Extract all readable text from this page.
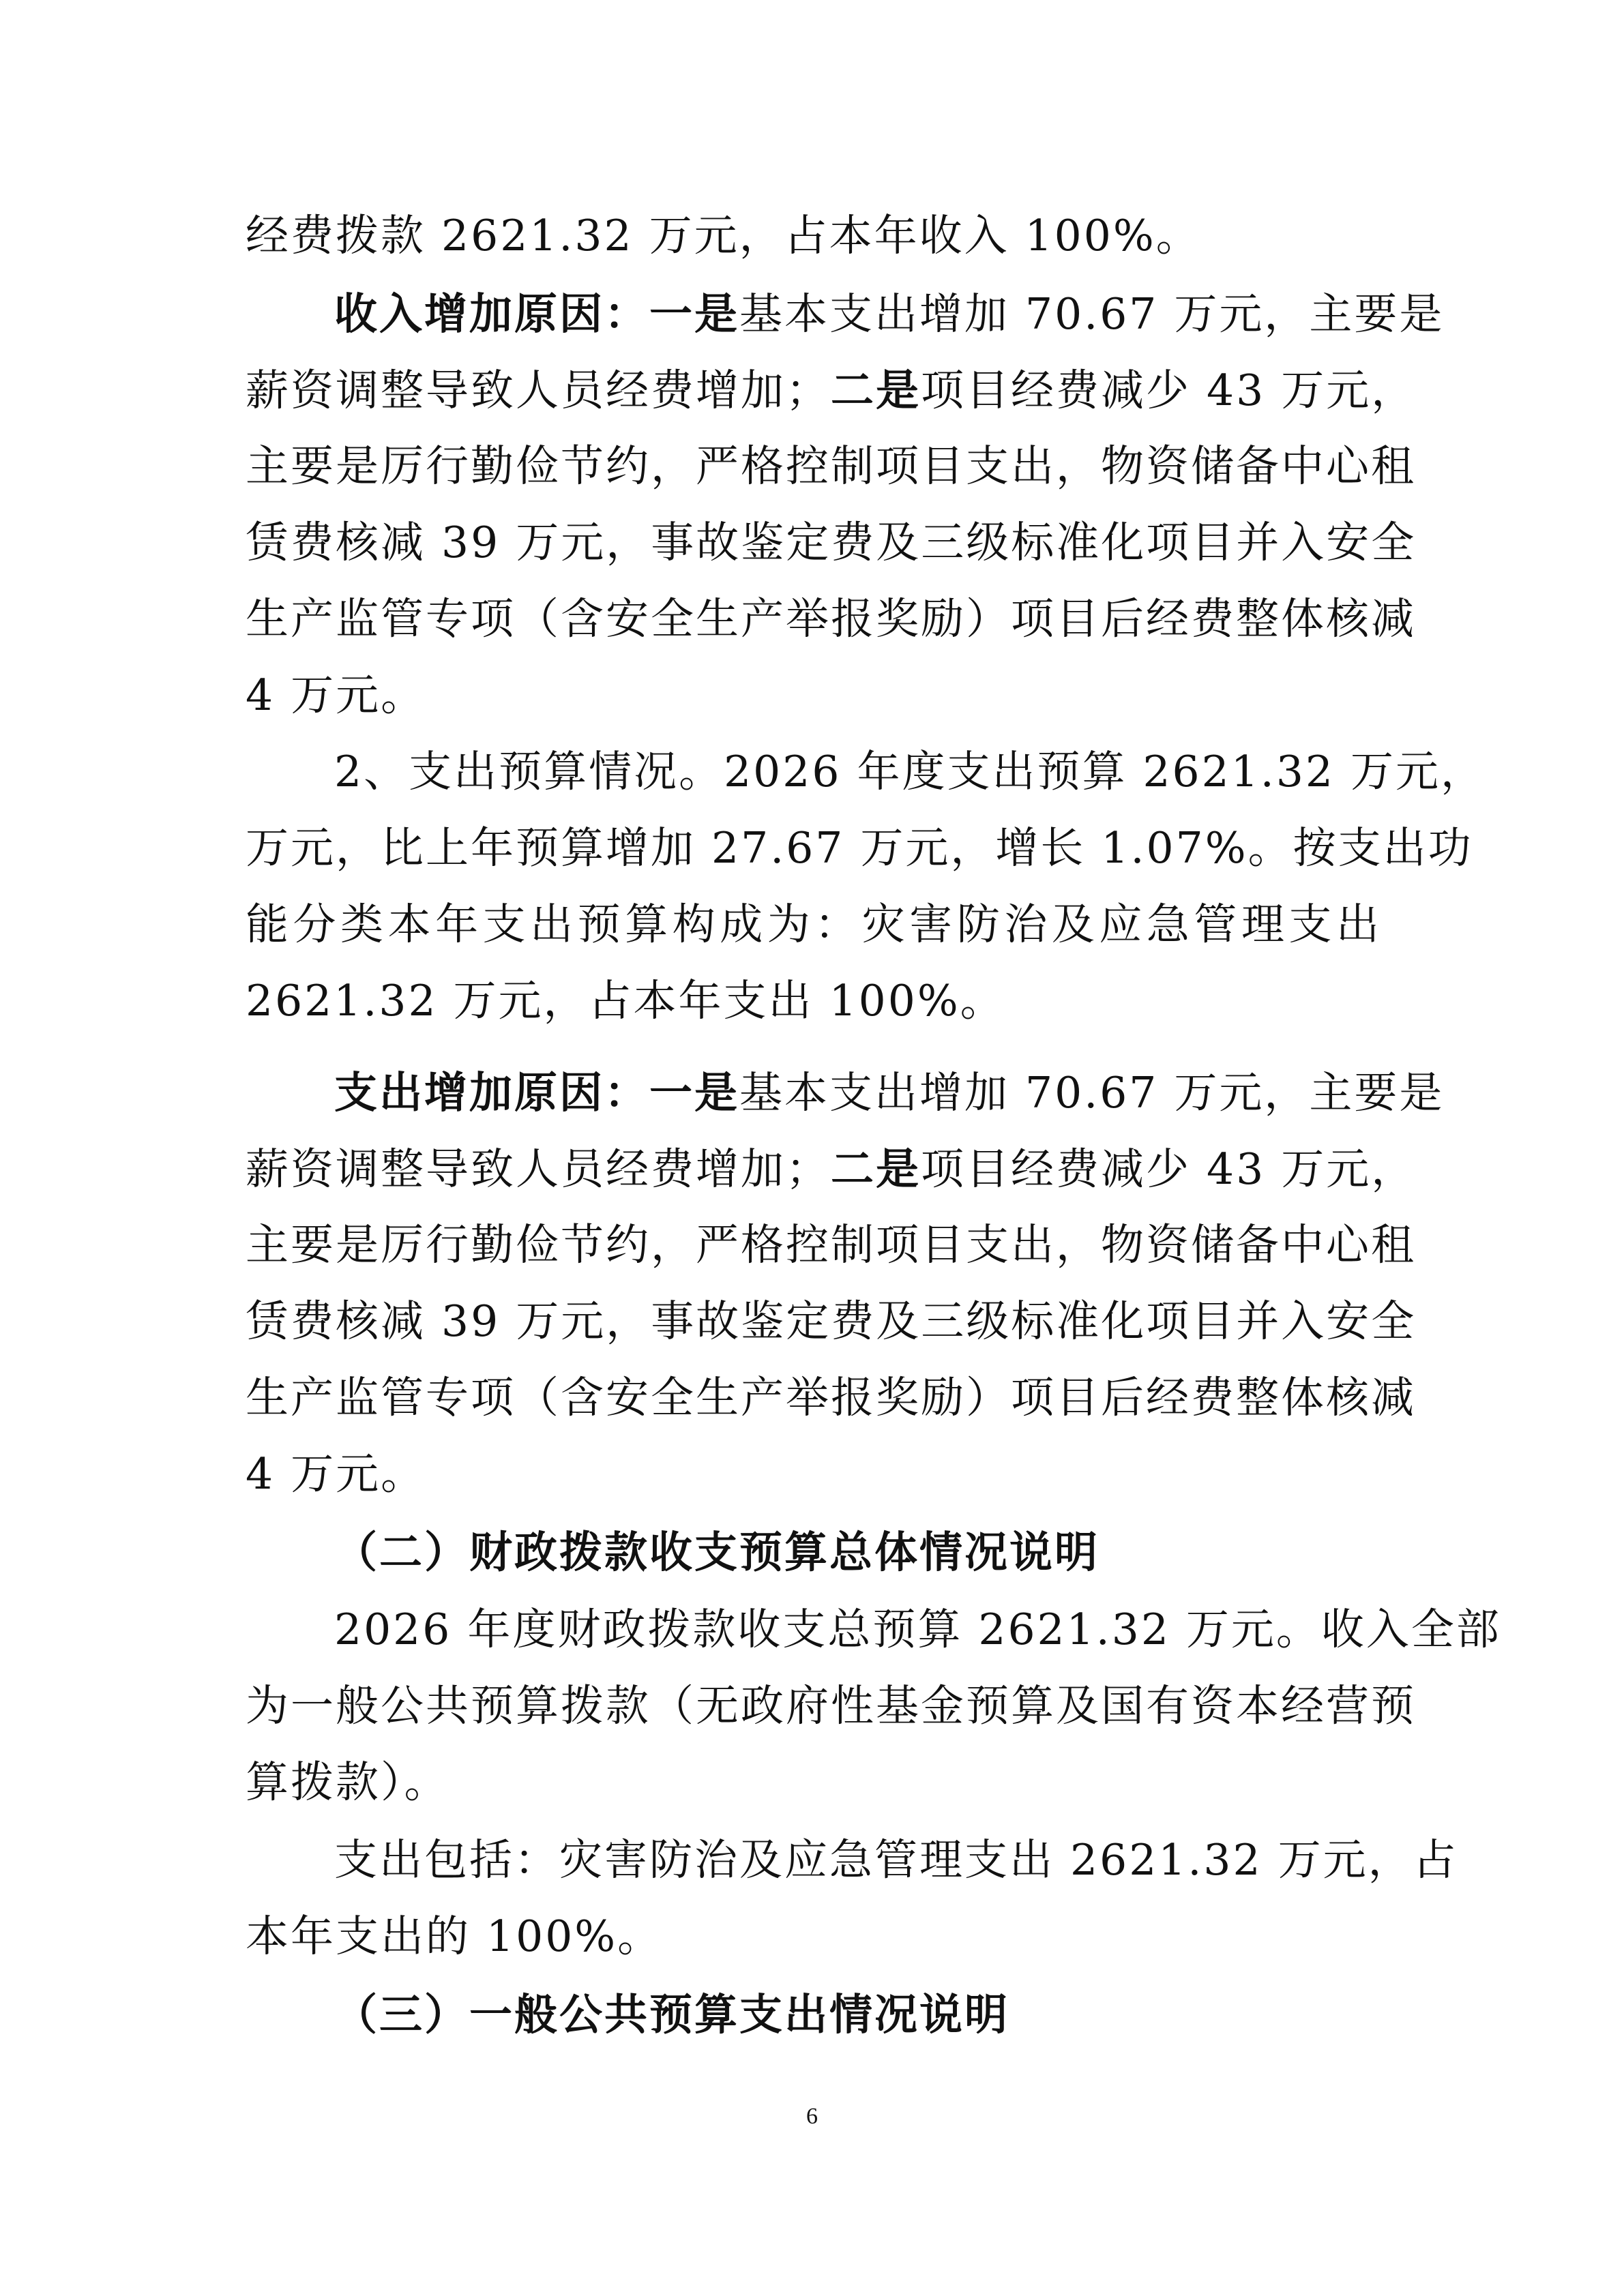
经费拨款 2621.32 万元，占本年收入 100%。
收入增加原因：一是基本支出增加 70.67 万元，主要是
薪资调整导致人员经费增加；二是项目经费减少 43 万元，
主要是厉行勤俭节约，严格控制项目支出，物资储备中心租
赁费核减 39 万元，事故鉴定费及三级标准化项目并入安全
生产监管专项（含安全生产举报奖励）项目后经费整体核减
4 万元。
2、支出预算情况。2026 年度支出预算 2621.32 万元，
万元，比上年预算增加 27.67 万元，增长 1.07%。按支出功
能分类本年支出预算构成为：灾害防治及应急管理支出
2621.32 万元，占本年支出 100%。
支出增加原因：一是基本支出增加 70.67 万元，主要是
薪资调整导致人员经费增加；二是项目经费减少 43 万元，
主要是厉行勤俭节约，严格控制项目支出，物资储备中心租
赁费核减 39 万元，事故鉴定费及三级标准化项目并入安全
生产监管专项（含安全生产举报奖励）项目后经费整体核减
4 万元。
（二）财政拨款收支预算总体情况说明
2026 年度财政拨款收支总预算 2621.32 万元。收入全部
为一般公共预算拨款（无政府性基金预算及国有资本经营预
算拨款）。
支出包括：灾害防治及应急管理支出 2621.32 万元，占
本年支出的 100%。
（三）一般公共预算支出情况说明
6
